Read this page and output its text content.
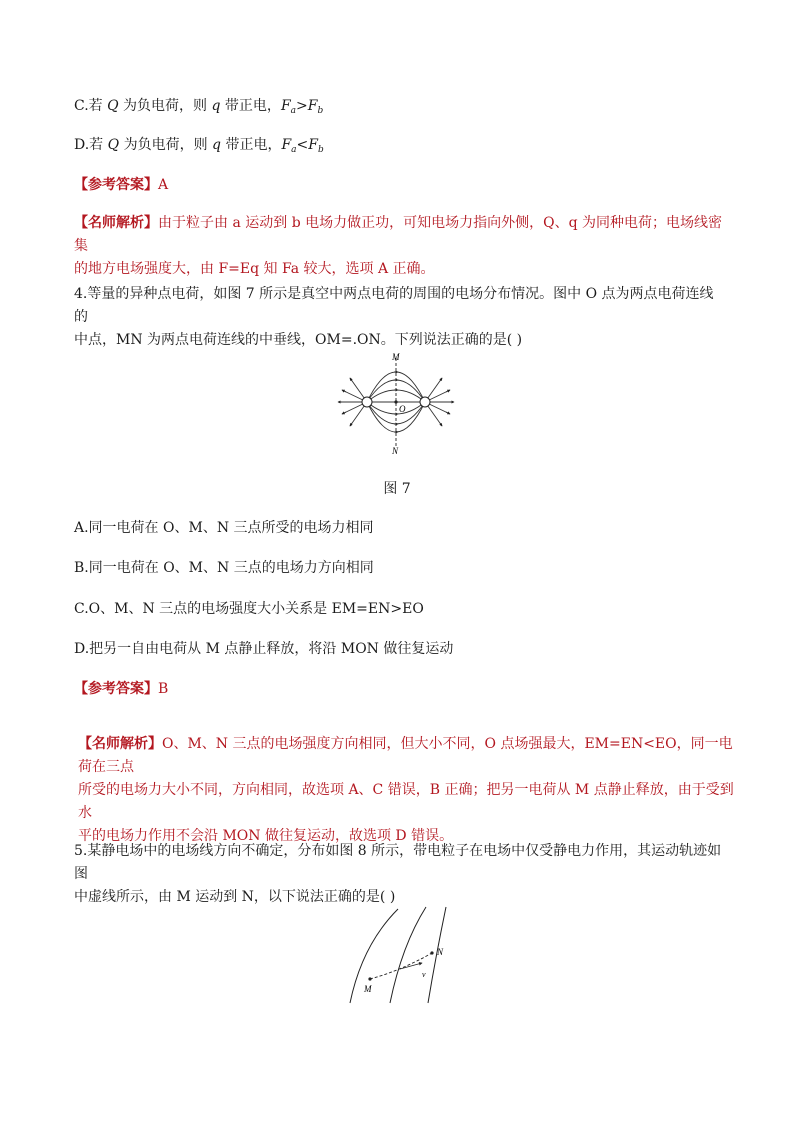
C.若 Q 为负电荷，则 q 带正电，$F_a>F_b$
D.若 Q 为负电荷，则 q 带正电，$F_a<F_b$
【参考答案】A
【名师解析】由于粒子由 a 运动到 b 电场力做正功，可知电场力指向外侧，Q、q 为同种电荷；电场线密集
的地方电场强度大，由 F=Eq 知 Fa 较大，选项 A 正确。
4.等量的异种点电荷，如图 7 所示是真空中两点电荷的周围的电场分布情况。图中 O 点为两点电荷连线的
中点，MN 为两点电荷连线的中垂线，OM=.ON。下列说法正确的是( )
M
O
N
图 7
A.同一电荷在 O、M、N 三点所受的电场力相同
B.同一电荷在 O、M、N 三点的电场力方向相同
C.O、M、N 三点的电场强度大小关系是 EM=EN>EO
D.把另一自由电荷从 M 点静止释放，将沿 MON 做往复运动
【参考答案】B
【名师解析】O、M、N 三点的电场强度方向相同，但大小不同，O 点场强最大，EM=EN<EO，同一电荷在三点
所受的电场力大小不同，方向相同，故选项 A、C 错误，B 正确；把另一电荷从 M 点静止释放，由于受到水
平的电场力作用不会沿 MON 做往复运动，故选项 D 错误。
5.某静电场中的电场线方向不确定，分布如图 8 所示，带电粒子在电场中仅受静电力作用，其运动轨迹如图
中虚线所示，由 M 运动到 N，以下说法正确的是( )
M
N
v
